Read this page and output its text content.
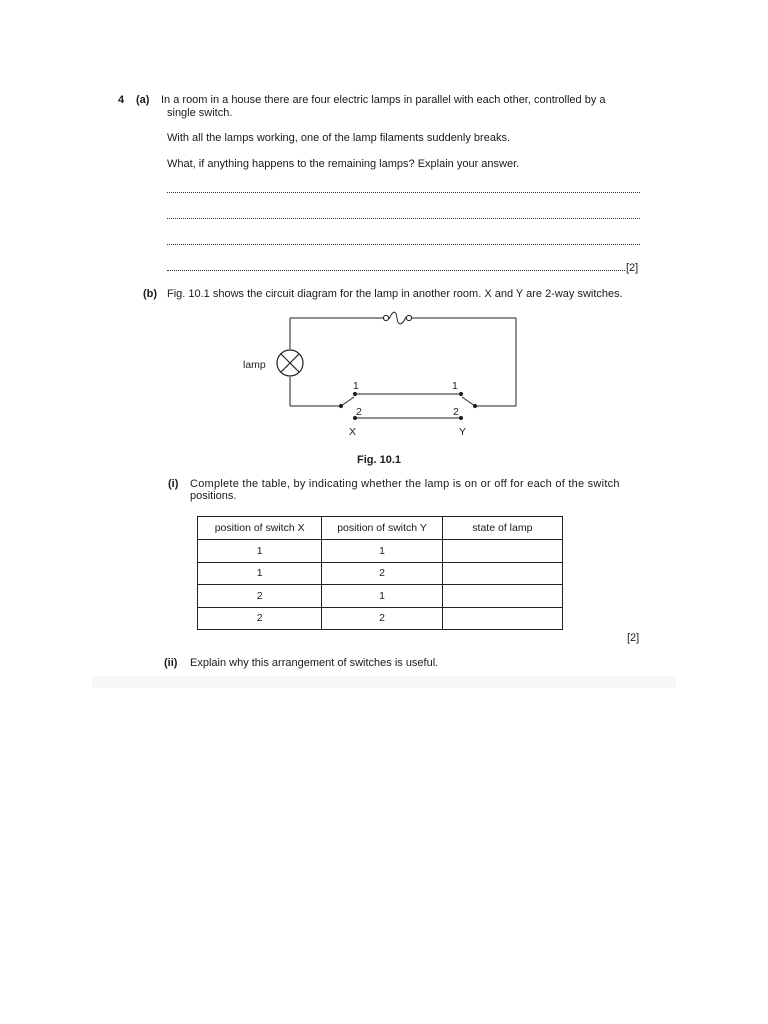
4 (a) In a room in a house there are four electric lamps in parallel with each other, controlled by a
single switch.
With all the lamps working, one of the lamp filaments suddenly breaks.
What, if anything happens to the remaining lamps? Explain your answer.
[2]
(b) Fig. 10.1 shows the circuit diagram for the lamp in another room. X and Y are 2-way switches.
lamp
1
2
1
2
X	Y
Fig. 10.1
(i) Complete the table, by indicating whether the lamp is on or off for each of the switch
positions.
position of switch X	position of switch Y	state of lamp
1	1	
1	2	
2	1	
2	2	
[2]
(ii) Explain why this arrangement of switches is useful.
